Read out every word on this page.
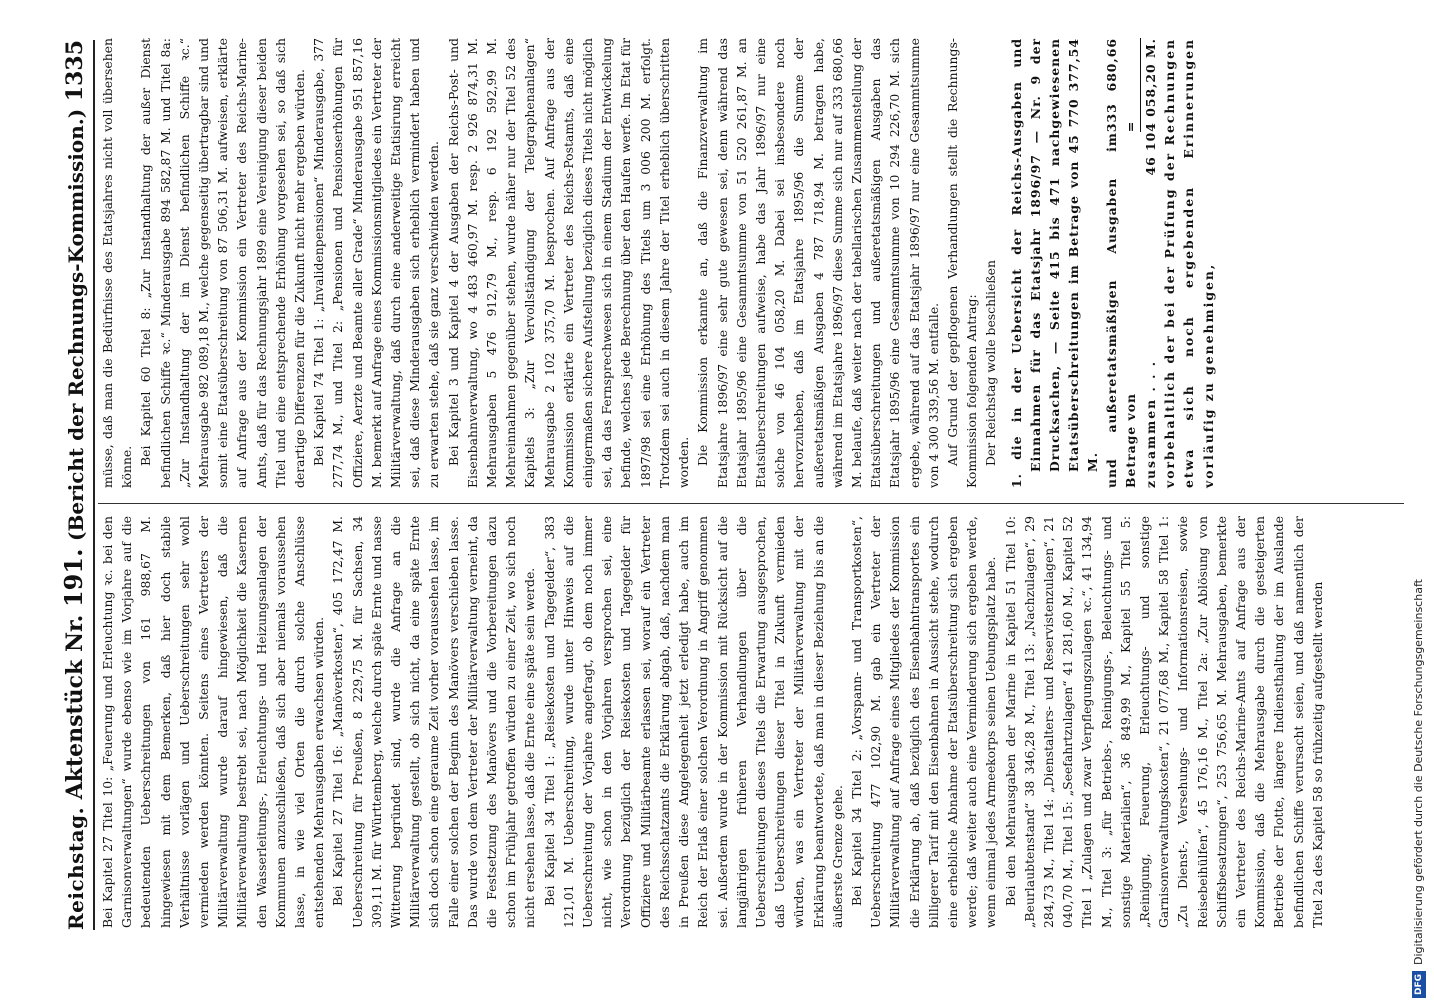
Reichstag.
Aktenstück Nr. 191.
(Bericht der Rechnungs-Kommission.)
1335

Bei Kapitel 27 Titel 10: „Feuerung und Erleuchtung ꝛc. bei den Garnisonverwaltungen“ wurde ebenso wie im Vorjahre auf die bedeutenden Ueberschreitungen von 161 988,67 M. hingewiesen mit dem Bemerken, daß hier doch stabile Verhältnisse vorlägen und Ueberschreitungen sehr wohl vermieden werden könnten. Seitens eines Vertreters der Militärverwaltung wurde darauf hingewiesen, daß die Militärverwaltung bestrebt sei, nach Möglichkeit die Kasernen den Wasserleitungs-, Erleuchtungs- und Heizungsanlagen der Kommunen anzuschließen, daß sich aber niemals voraussehen lasse, in wie viel Orten die durch solche Anschlüsse entstehenden Mehrausgaben erwachsen würden. Bei Kapitel 27 Titel 16: „Manöverkosten“, 405 172,47 M. Ueberschreitung für Preußen, 8 229,75 M. für Sachsen, 34 309,11 M. für Württemberg, welche durch späte Ernte und nasse Witterung begründet sind, wurde die Anfrage an die Militärverwaltung gestellt, ob sich nicht, da eine späte Ernte sich doch schon eine geraume Zeit vorher voraussehen lasse, im Falle einer solchen der Beginn des Manövers verschieben lasse. Das wurde von dem Vertreter der Militärverwaltung verneint, da die Festsetzung des Manövers und die Vorbereitungen dazu schon im Frühjahr getroffen würden zu einer Zeit, wo sich noch nicht ersehen lasse, daß die Ernte eine späte sein werde. Bei Kapitel 34 Titel 1: „Reisekosten und Tagegelder“, 383 121,01 M. Ueberschreitung, wurde unter Hinweis auf die Ueberschreitung der Vorjahre angefragt, ob dem noch immer nicht, wie schon in den Vorjahren versprochen sei, eine Verordnung bezüglich der Reisekosten und Tagegelder für Offiziere und Militärbeamte erlassen sei, worauf ein Vertreter des Reichsschatzamts die Erklärung abgab, daß, nachdem man in Preußen diese Angelegenheit jetzt erledigt habe, auch im Reich der Erlaß einer solchen Verordnung in Angriff genommen sei. Außerdem wurde in der Kommission mit Rücksicht auf die langjährigen früheren Verhandlungen über die Ueberschreitungen dieses Titels die Erwartung ausgesprochen, daß Ueberschreitungen dieser Titel in Zukunft vermieden würden, was ein Vertreter der Militärverwaltung mit der Erklärung beantwortete, daß man in dieser Beziehung bis an die äußerste Grenze gehe. Bei Kapitel 34 Titel 2: „Vorspann- und Transportkosten“, Ueberschreitung 477 102,90 M. gab ein Vertreter der Militärverwaltung auf Anfrage eines Mitgliedes der Kommission die Erklärung ab, daß bezüglich des Eisenbahntransportes ein billigerer Tarif mit den Eisenbahnen in Aussicht stehe, wodurch eine erhebliche Abnahme der Etatsüberschreitung sich ergeben werde; daß weiter auch eine Verminderung sich ergeben werde, wenn einmal jedes Armeekorps seinen Uebungsplatz habe. Bei den Mehrausgaben der Marine in Kapitel 51 Titel 10: „Beurlaubtenstand“ 38 346,28 M., Titel 13: „Nachzulagen“, 29 284,73 M., Titel 14: „Dienstalters- und Reservistenzulagen“, 21 040,70 M., Titel 15: „Seefahrtzulagen“ 41 281,60 M., Kapitel 52 Titel 1 „Zulagen und zwar Verpflegungszulagen ꝛc.“, 41 134,94 M., Titel 3: „für Betriebs-, Reinigungs-, Beleuchtungs- und sonstige Materialien“, 36 849,99 M., Kapitel 55 Titel 5: „Reinigung, Feuerung, Erleuchtungs- und sonstige Garnisonverwaltungskosten“, 21 077,68 M., Kapitel 58 Titel 1: „Zu Dienst-, Versehungs- und Informationsreisen, sowie Reisebeihülfen“, 45 176,16 M., Titel 2a: „Zur Ablösung von Schiffsbesatzungen“, 253 756,65 M. Mehrausgaben, bemerkte ein Vertreter des Reichs-Marine-Amts auf Anfrage aus der Kommission, daß die Mehrausgabe durch die gesteigerten Betriebe der Flotte, längere Indiensthaltung der im Auslande befindlichen Schiffe verursacht seien, und daß namentlich der Titel 2a des Kapitel 58 so frühzeitig aufgestellt werden

müsse, daß man die Bedürfnisse des Etatsjahres nicht voll übersehen könne.

Bei Kapitel 60 Titel 8: „Zur Instandhaltung der außer Dienst befindlichen Schiffe ꝛc.“ Minderausgabe 894 582,87 M. und Titel 8a: „Zur Instandhaltung der im Dienst befindlichen Schiffe ꝛc.“ Mehrausgabe 982 089,18 M., welche gegenseitig übertragbar sind und somit eine Etatsüberschreitung von 87 506,31 M. aufweisen, erklärte auf Anfrage aus der Kommission ein Vertreter des Reichs-Marine-Amts, daß für das Rechnungsjahr 1899 eine Vereinigung dieser beiden Titel und eine entsprechende Erhöhung vorgesehen sei, so daß sich derartige Differenzen für die Zukunft nicht mehr ergeben würden. Bei Kapitel 74 Titel 1: „Invalidenpensionen“ Minderausgabe, 377 277,74 M., und Titel 2: „Pensionen und Pensionserhöhungen für Offiziere, Aerzte und Beamte aller Grade“ Minderausgabe 951 857,16 M. bemerkt auf Anfrage eines Kommissionsmitgliedes ein Vertreter der Militärverwaltung, daß durch eine anderweitige Etatisirung erreicht sei, daß diese Minderausgaben sich erheblich vermindert haben und zu erwarten stehe, daß sie ganz verschwinden werden. Bei Kapitel 3 und Kapitel 4 der Ausgaben der Reichs-Post- und Eisenbahnverwaltung, wo 4 483 460,97 M. resp. 2 926 874,31 M. Mehrausgaben 5 476 912,79 M., resp. 6 192 592,99 M. Mehreinnahmen gegenüber stehen, wurde näher nur der Titel 52 des Kapitels 3: „Zur Vervollständigung der Telegraphenanlagen“ Mehrausgabe 2 102 375,70 M. besprochen. Auf Anfrage aus der Kommission erklärte ein Vertreter des Reichs-Postamts, daß eine einigermaßen sichere Aufstellung bezüglich dieses Titels nicht möglich sei, da das Fernsprechwesen sich in einem Stadium der Entwickelung befinde, welches jede Berechnung über den Haufen werfe. Im Etat für 1897/98 sei eine Erhöhung des Titels um 3 006 200 M. erfolgt. Trotzdem sei auch in diesem Jahre der Titel erheblich überschritten worden. Die Kommission erkannte an, daß die Finanzverwaltung im Etatsjahre 1896/97 eine sehr gute gewesen sei, denn während das Etatsjahr 1895/96 eine Gesammtsumme von 51 520 261,87 M. an Etatsüberschreitungen aufweise, habe das Jahr 1896/97 nur eine solche von 46 104 058,20 M. Dabei sei insbesondere noch hervorzuheben, daß im Etatsjahre 1895/96 die Summe der außeretatsmäßigen Ausgaben 4 787 718,94 M. betragen habe, während im Etatsjahre 1896/97 diese Summe sich nur auf 333 680,66 M. belaufe, daß weiter nach der tabellarischen Zusammenstellung der Etatsüberschreitungen und außeretatsmäßigen Ausgaben das Etatsjahr 1895/96 eine Gesammtsumme von 10 294 226,70 M. sich ergebe, während auf das Etatsjahr 1896/97 nur eine Gesammtsumme von 4 300 339,56 M. entfalle. Auf Grund der gepflogenen Verhandlungen stellt die Rechnungs-Kommission folgenden Antrag: Der Reichstag wolle beschließen 1. die in der Uebersicht der Reichs-Ausgaben und Einnahmen für das Etatsjahr 1896/97 — Nr. 9 der Drucksachen, — Seite 415 bis 471 nachgewiesenen Etatsüberschreitungen im Betrage von 45 770 377,54 M. und außeretatsmäßigen Ausgaben im Betrage von
333 680,66 =
zusammen . . .
46 104 058,20 M. vorbehaltlich der bei der Prüfung der Rechnungen etwa sich noch ergebenden Erinnerungen vorläufig zu genehmigen,

DFG
Digitalisierung gefördert durch die Deutsche Forschungsgemeinschaft
